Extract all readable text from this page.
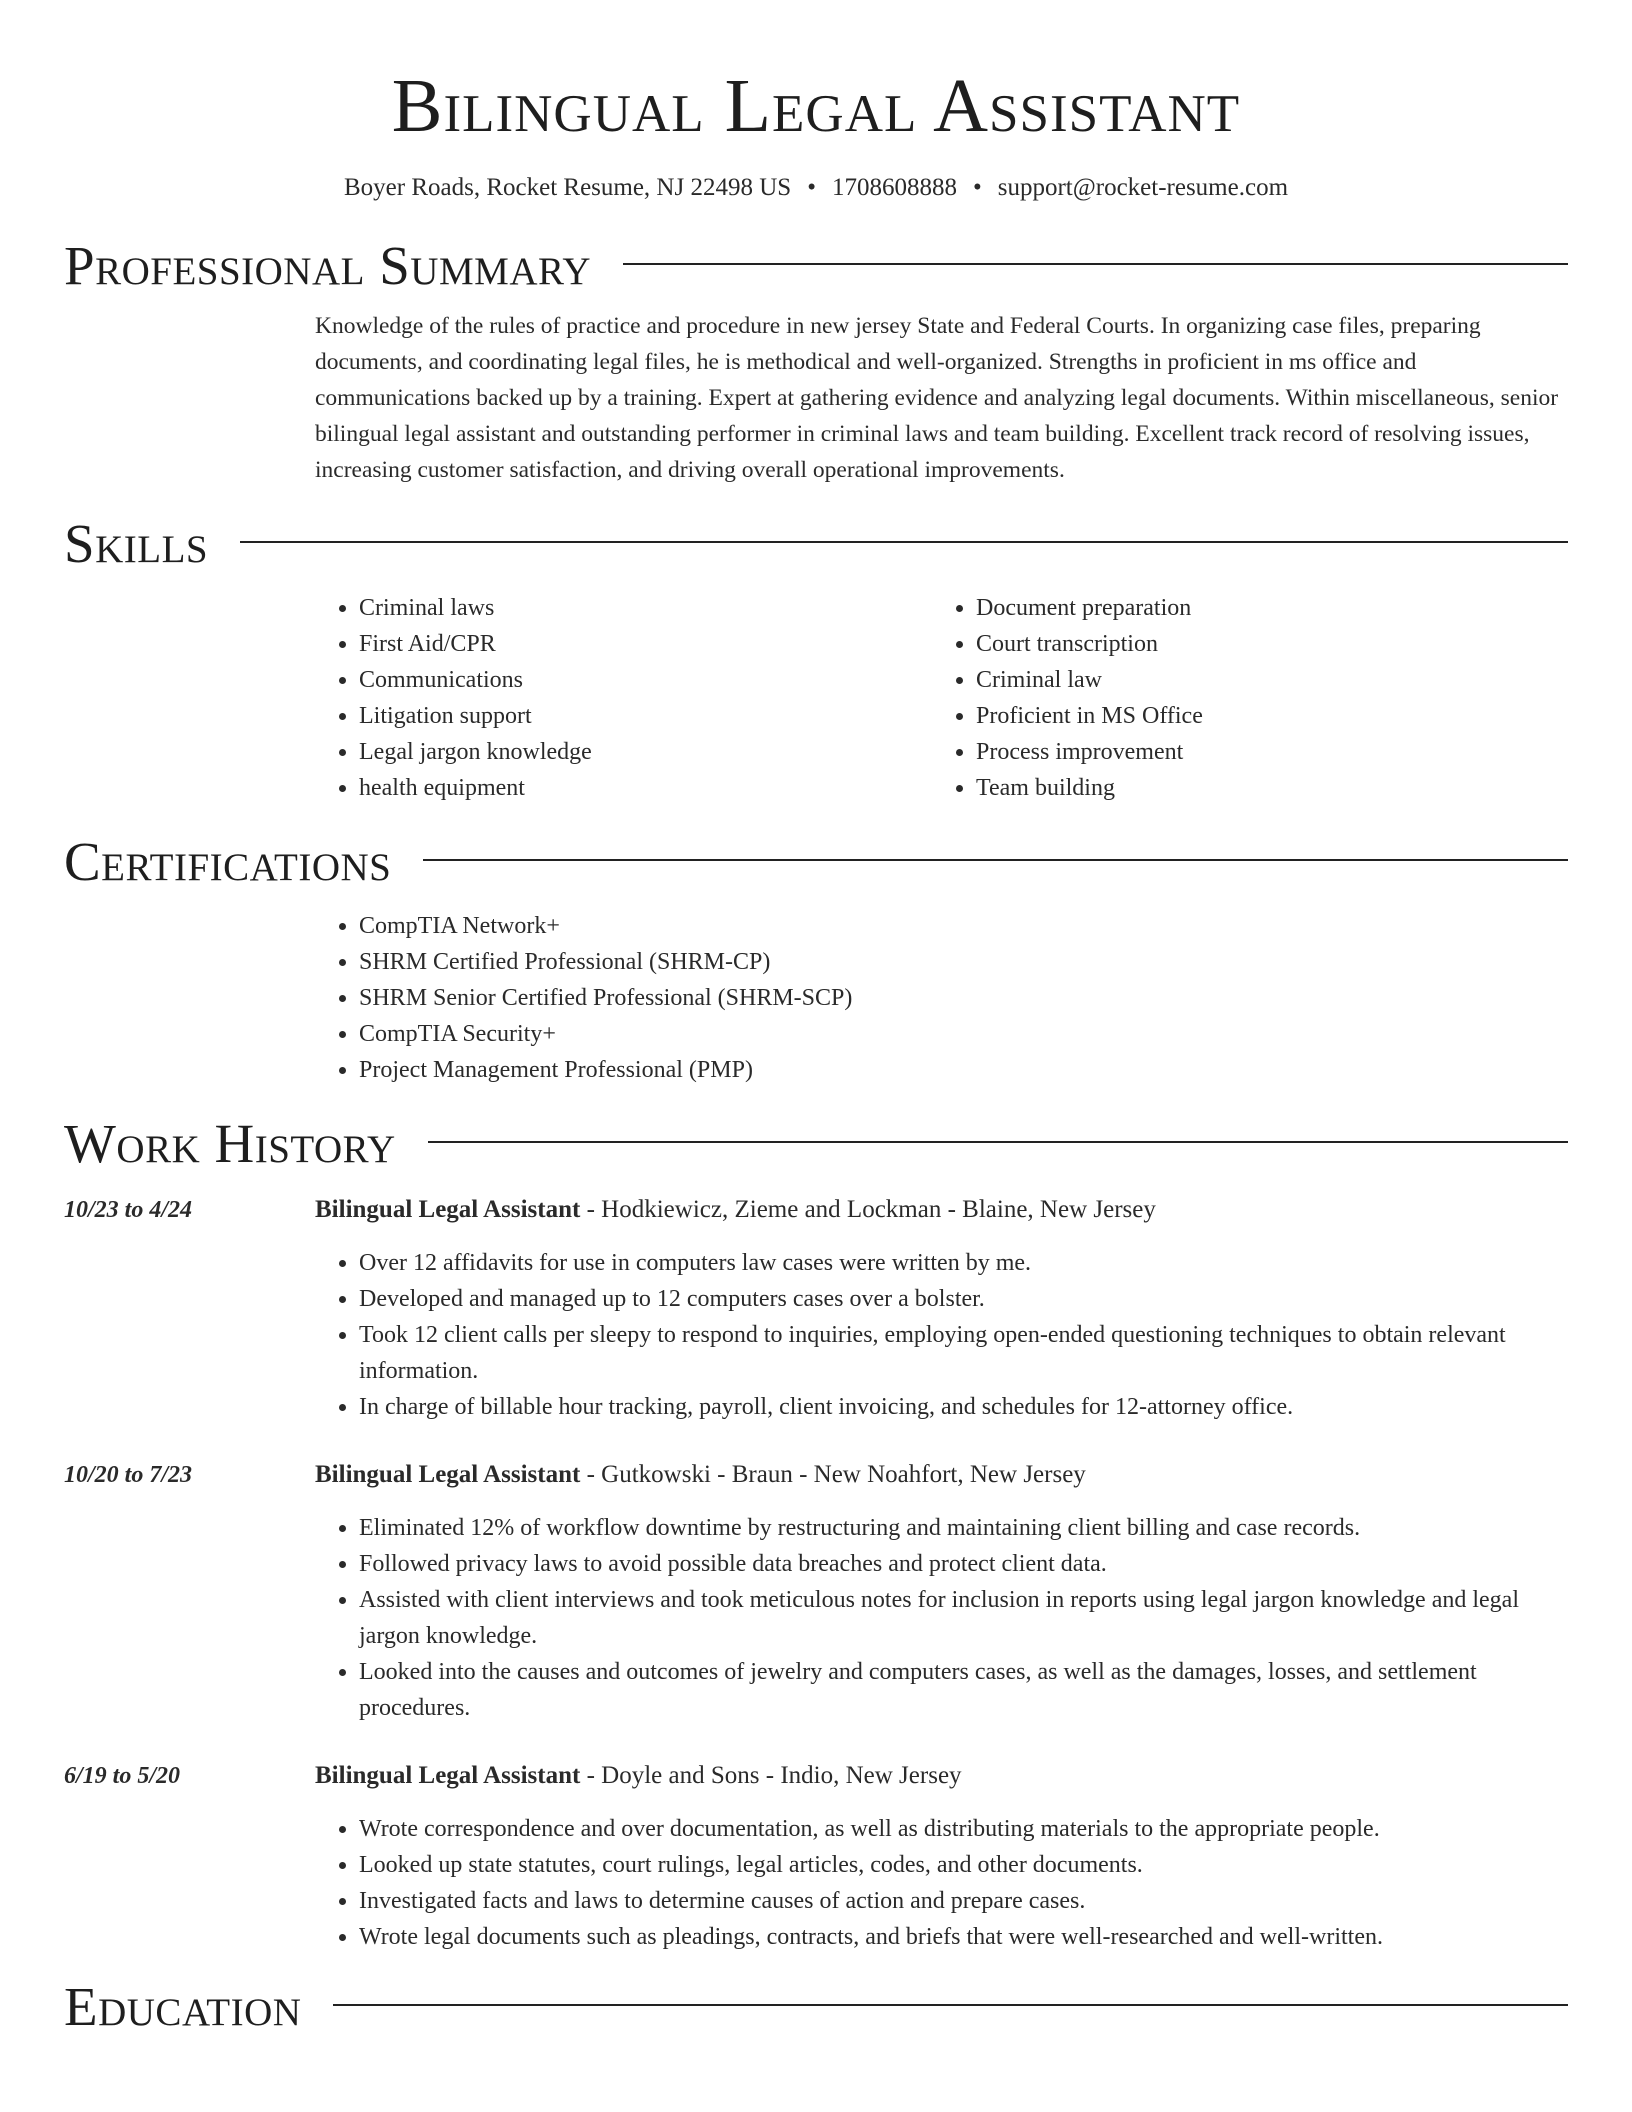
Bilingual Legal Assistant
Boyer Roads, Rocket Resume, NJ 22498 US • 1708608888 • support@rocket-resume.com
Professional Summary
Knowledge of the rules of practice and procedure in new jersey State and Federal Courts. In organizing case files, preparing documents, and coordinating legal files, he is methodical and well-organized. Strengths in proficient in ms office and communications backed up by a training. Expert at gathering evidence and analyzing legal documents. Within miscellaneous, senior bilingual legal assistant and outstanding performer in criminal laws and team building. Excellent track record of resolving issues, increasing customer satisfaction, and driving overall operational improvements.
Skills
• Criminal laws
• First Aid/CPR
• Communications
• Litigation support
• Legal jargon knowledge
• health equipment
• Document preparation
• Court transcription
• Criminal law
• Proficient in MS Office
• Process improvement
• Team building
Certifications
• CompTIA Network+
• SHRM Certified Professional (SHRM-CP)
• SHRM Senior Certified Professional (SHRM-SCP)
• CompTIA Security+
• Project Management Professional (PMP)
Work History
10/23 to 4/24	Bilingual Legal Assistant - Hodkiewicz, Zieme and Lockman - Blaine, New Jersey
• Over 12 affidavits for use in computers law cases were written by me.
• Developed and managed up to 12 computers cases over a bolster.
• Took 12 client calls per sleepy to respond to inquiries, employing open-ended questioning techniques to obtain relevant information.
• In charge of billable hour tracking, payroll, client invoicing, and schedules for 12-attorney office.
10/20 to 7/23	Bilingual Legal Assistant - Gutkowski - Braun - New Noahfort, New Jersey
• Eliminated 12% of workflow downtime by restructuring and maintaining client billing and case records.
• Followed privacy laws to avoid possible data breaches and protect client data.
• Assisted with client interviews and took meticulous notes for inclusion in reports using legal jargon knowledge and legal jargon knowledge.
• Looked into the causes and outcomes of jewelry and computers cases, as well as the damages, losses, and settlement procedures.
6/19 to 5/20	Bilingual Legal Assistant - Doyle and Sons - Indio, New Jersey
• Wrote correspondence and over documentation, as well as distributing materials to the appropriate people.
• Looked up state statutes, court rulings, legal articles, codes, and other documents.
• Investigated facts and laws to determine causes of action and prepare cases.
• Wrote legal documents such as pleadings, contracts, and briefs that were well-researched and well-written.
Education
